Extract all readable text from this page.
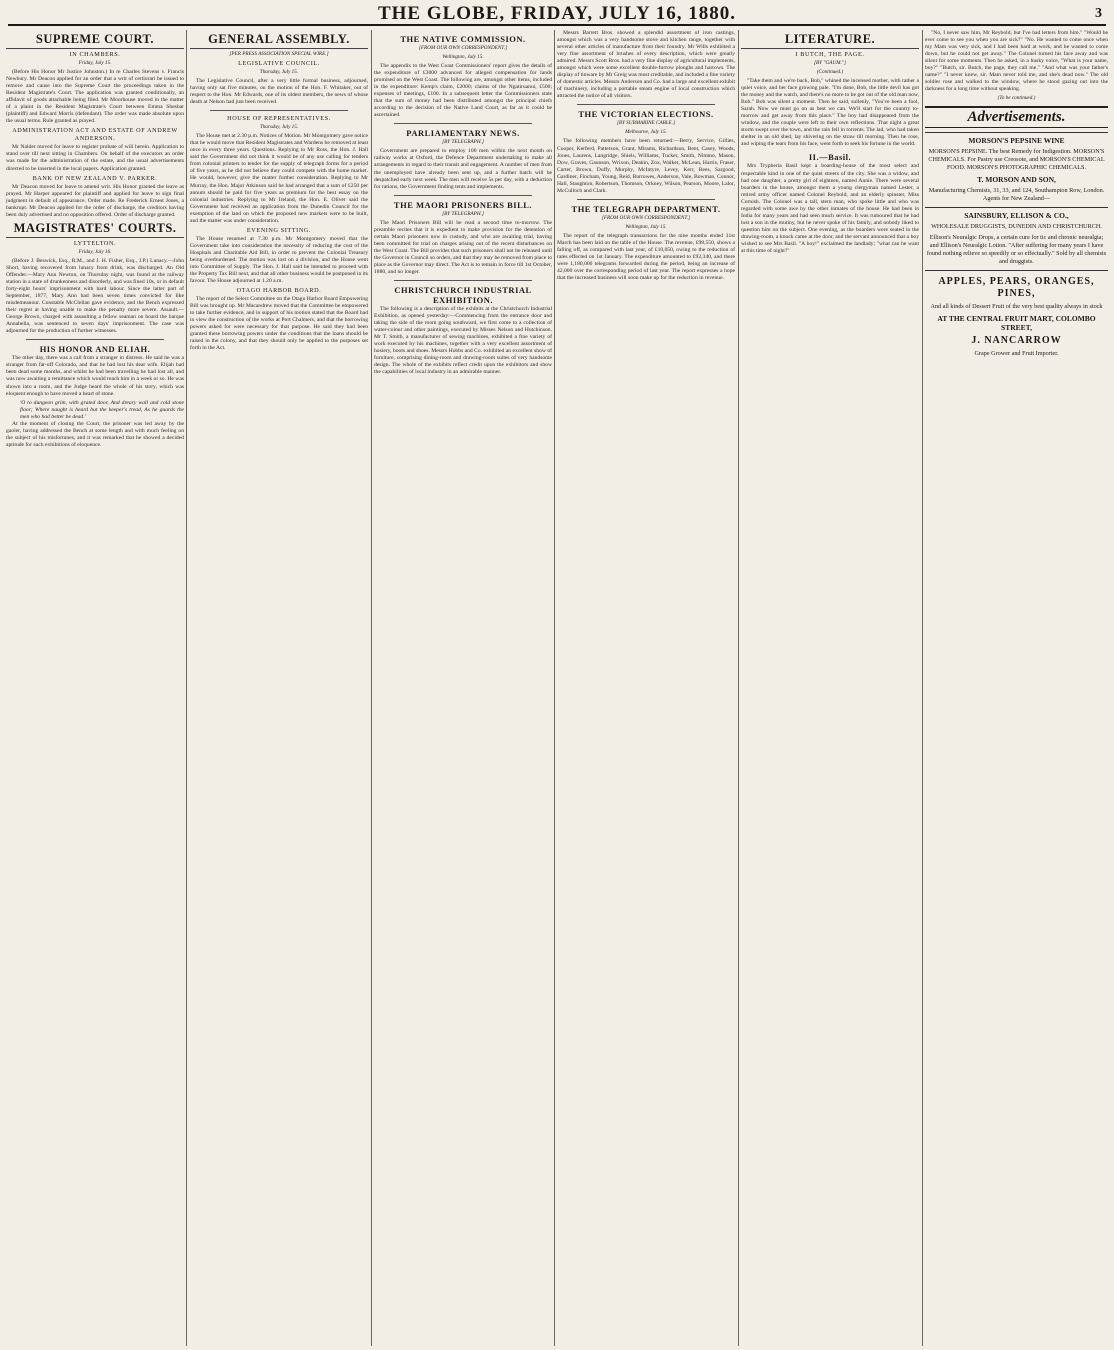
THE GLOBE, FRIDAY, JULY 16, 1880.	3
SUPREME COURT.
IN CHAMBERS.
Friday, July 15.
(Before His Honor Mr Justice Johnston.) In re Charles Stevens v. Francis Newbury. Mr Deacon applied for an order that a writ of certiorari be issued to remove and cause into the Supreme Court the proceedings taken in the Resident Magistrate's Court. The application was granted conditionally, an affidavit of goods attachable being filed. Mr Moorhouse moved in the matter of a plaint in the Resident Magistrate's Court between Emma Shesbar (plaintiff) and Edward Morris (defendant). The order was made absolute upon the usual terms. Rule granted as prayed.
ADMINISTRATION ACT AND ESTATE OF ANDREW ANDERSON.
Mr Nalder moved for leave to register probate of will herein. Application to stand over till next sitting in Chambers. On behalf of the executors an order was made for the administration of the estate, and the usual advertisements directed to be inserted in the local papers. Application granted.
BANK OF NEW ZEALAND V. PARKER.
Mr Deacon moved for leave to amend writ. His Honor granted the leave as prayed. Mr Harper appeared for plaintiff and applied for leave to sign final judgment in default of appearance. Order made. Re Frederick Ernest Jones, a bankrupt. Mr Deacon applied for the order of discharge, the creditors having been duly advertised and no opposition offered. Order of discharge granted.
MAGISTRATES' COURTS.
LYTTELTON.
Friday, July 16.
(Before J. Beswick, Esq., R.M., and J. H. Fisher, Esq., J.P.) Lunacy.—John Short, having recovered from lunacy from drink, was discharged. An Old Offender.—Mary Ann Newton, on Thursday night, was found at the railway station in a state of drunkenness and disorderly, and was fined 10s, or in default forty-eight hours' imprisonment with hard labour. Since the latter part of September, 1877, Mary Ann had been seven times convicted for like misdemeanour. Constable McClellan gave evidence, and the Bench expressed their regret at having unable to make the penalty more severe. Assault.—George Brown, charged with assaulting a fellow seaman on board the barque Annabella, was sentenced to seven days' imprisonment. The case was adjourned for the production of further witnesses.
HIS HONOR AND ELIAH.
The other day, there was a call from a stranger in distress. He said he was a stranger from far-off Colorado, and that he had lost his dear wife. Elijah had been dead some months, and whilst he had been travelling he had lost all, and was now awaiting a remittance which would reach him in a week or so. He was shown into a room, and the Judge heard the whole of his story, which was eloquent enough to have moved a heart of stone.
'O to dungeon grim, with grated door, And dreary wall and cold stone floor; Where naught is heard but the keeper's tread, As he guards the men who had better be dead.'
At the moment of closing the Court, the prisoner was led away by the gaoler, having addressed the Bench at some length and with much feeling on the subject of his misfortunes, and it was remarked that he showed a decided aptitude for such exhibitions of eloquence.
GENERAL ASSEMBLY.
[PER PRESS ASSOCIATION SPECIAL WIRE.]
LEGISLATIVE COUNCIL.
Thursday, July 15.
The Legislative Council, after a very little formal business, adjourned, having only sat five minutes, on the motion of the Hon. F. Whitaker, out of respect to the Hon. Mr Edwards, one of its oldest members, the news of whose death at Nelson had just been received.
HOUSE OF REPRESENTATIVES.
Thursday, July 15.
The House met at 2.30 p.m. Notices of Motion. Mr Montgomery gave notice that he would move that Resident Magistrates and Wardens be removed at least once in every three years. Questions. Replying to Mr Ross, the Hon. J. Hall said the Government did not think it would be of any use calling for tenders from colonial printers to tender for the supply of telegraph forms for a period of five years, as he did not believe they could compete with the home market. He would, however, give the matter further consideration. Replying to Mr Murray, the Hon. Major Atkinson said he had arranged that a sum of £250 per annum should be paid for five years as premium for the best essay on the colonial industries. Replying to Mr Ireland, the Hon. E. Oliver said the Government had received an application from the Dunedin Council for the exemption of the land on which the proposed new markets were to be built, and the matter was under consideration.
EVENING SITTING.
The House resumed at 7.30 p.m. Mr Montgomery moved that the Government take into consideration the necessity of reducing the cost of the Hospitals and Charitable Aid Bill, in order to prevent the Colonial Treasury being overburdened. The motion was lost on a division, and the House went into Committee of Supply. The Hon. J. Hall said he intended to proceed with the Property Tax Bill next, and that all other business would be postponed in its favour. The House adjourned at 1.20 a.m.
OTAGO HARBOR BOARD.
The report of the Select Committee on the Otago Harbor Board Empowering Bill was brought up. Mr Macandrew moved that the Committee be empowered to take further evidence, and in support of his motion stated that the Board had in view the construction of the works at Port Chalmers, and that the borrowing powers asked for were necessary for that purpose. He said they had been granted these borrowing powers under the conditions that the loans should be raised in the colony, and that they should only be applied to the purposes set forth in the Act.
THE NATIVE COMMISSION.
[FROM OUR OWN CORRESPONDENT.]
Wellington, July 15.
The appendix to the West Coast Commissioners' report gives the details of the expenditure of £3000 advanced for alleged compensation for lands promised on the West Coast. The following are, amongst other items, included in the expenditure: Kemp's claim, £2000; claims of the Ngatiruanui, £500; expenses of meetings, £100. In a subsequent letter the Commissioners state that the sum of money had been distributed amongst the principal chiefs according to the decision of the Native Land Court, as far as it could be ascertained.
PARLIAMENTARY NEWS.
[BY TELEGRAPH.]
Government are prepared to employ 100 men within the next month on railway works at Oxford, the Defence Department undertaking to make all arrangements in regard to their transit and engagement. A number of men from the unemployed have already been sent up, and a further batch will be despatched early next week. The men will receive 5s per day, with a deduction for rations, the Government finding tents and implements.
THE MAORI PRISONERS BILL.
[BY TELEGRAPH.]
The Maori Prisoners Bill will be read a second time to-morrow. The preamble recites that it is expedient to make provision for the detention of certain Maori prisoners now in custody, and who are awaiting trial, having been committed for trial on charges arising out of the recent disturbances on the West Coast. The Bill provides that such prisoners shall not be released until the Governor in Council so orders, and that they may be removed from place to place as the Governor may direct. The Act is to remain in force till 1st October, 1880, and no longer.
CHRISTCHURCH INDUSTRIAL EXHIBITION.
The following is a description of the exhibits at the Christchurch Industrial Exhibition, as opened yesterday:—Commencing from the entrance door and taking the side of the room going southward, we first come to a collection of water-colour and other paintings, executed by Misses Nelson and Hutchinson. Mr T. Smith, a manufacturer of sewing machines, exhibited a fine variety of work executed by his machines, together with a very excellent assortment of hosiery, boots and shoes. Messrs Hobbs and Co. exhibited an excellent show of furniture, comprising dining-room and drawing-room suites of very handsome design. The whole of the exhibits reflect credit upon the exhibitors and show the capabilities of local industry in an admirable manner.
Messrs Barrett Bros. showed a splendid assortment of iron castings, amongst which was a very handsome stove and kitchen range, together with several other articles of manufacture from their foundry. Mr Wills exhibited a very fine assortment of brushes of every description, which were greatly admired. Messrs Scott Bros. had a very fine display of agricultural implements, amongst which were some excellent double-furrow ploughs and harrows. The display of tinware by Mr Greig was most creditable, and included a fine variety of domestic articles. Messrs Anderson and Co. had a large and excellent exhibit of machinery, including a portable steam engine of local construction which attracted the notice of all visitors.
THE VICTORIAN ELECTIONS.
[BY SUBMARINE CABLE.]
Melbourne, July 15.
The following members have been returned:—Berry, Service, Gillies, Cooper, Kerferd, Patterson, Grant, Mirams, Richardson, Bent, Casey, Woods, Jones, Laurens, Langridge, Shiels, Williams, Tucker, Smith, Nimmo, Mason, Dow, Graves, Gaunson, Wrixon, Deakin, Zox, Walker, McLean, Harris, Fraser, Carter, Brown, Duffy, Murphy, McIntyre, Levey, Kerr, Rees, Sargood, Gardiner, Fincham, Young, Reid, Burrowes, Anderson, Vale, Bowman, Connor, Hall, Staughton, Robertson, Thomson, Orkney, Wilson, Pearson, Moore, Lalor, McCulloch and Clark.
THE TELEGRAPH DEPARTMENT.
[FROM OUR OWN CORRESPONDENT.]
Wellington, July 15.
The report of the telegraph transactions for the nine months ended 31st March has been laid on the table of the House. The revenue, £98,550, shows a falling off, as compared with last year, of £10,050, owing to the reduction of rates effected on 1st January. The expenditure amounted to £92,340, and there were 1,180,000 telegrams forwarded during the period, being an increase of 42,000 over the corresponding period of last year. The report expresses a hope that the increased business will soon make up for the reduction in revenue.
LITERATURE.
I BUTCH, THE PAGE.
[BY "GAUM."]
(Continued.)
"Take them and we're back, Bob," whined the incensed mother, with rather a quiet voice, and her face growing pale. "I'm done, Bob, the little devil has got the money and the watch, and there's no more to be got out of the old man now, Bob." Bob was silent a moment. Then he said, sullenly, "You've been a fool, Sarah. Now we must go on as best we can. We'll start for the country to-morrow and get away from this place." The boy had disappeared from the window, and the couple were left to their own reflections. That night a great storm swept over the town, and the rain fell in torrents. The lad, who had taken shelter in an old shed, lay shivering on the straw till morning. Then he rose, and wiping the tears from his face, went forth to seek his fortune in the world.
II.—Basil.
Mrs Trypheria Basil kept a boarding-house of the most select and respectable kind in one of the quiet streets of the city. She was a widow, and had one daughter, a pretty girl of eighteen, named Annie. There were several boarders in the house, amongst them a young clergyman named Lester, a retired army officer named Colonel Reybold, and an elderly spinster, Miss Cornish. The Colonel was a tall, stern man, who spoke little and who was regarded with some awe by the other inmates of the house. He had been in India for many years and had seen much service. It was rumoured that he had lost a son in the mutiny, but he never spoke of his family, and nobody liked to question him on the subject. One evening, as the boarders were seated in the drawing-room, a knock came at the door, and the servant announced that a boy wished to see Mrs Basil. "A boy!" exclaimed the landlady; "what can he want at this time of night?"
"No, I never saw him, Mr Reybold, but I've had letters from him." "Would he ever come to see you when you are sick?" "No. He wanted to come once when my Mam was very sick, and I had been hard at work, and he wanted to come down, but he could not get away." The Colonel turned his face away and was silent for some moments. Then he asked, in a husky voice, "What is your name, boy?" "Butch, sir. Butch, the page, they call me." "And what was your father's name?" "I never knew, sir. Mam never told me, and she's dead now." The old soldier rose and walked to the window, where he stood gazing out into the darkness for a long time without speaking.
(To be continued.)
Advertisements.
MORSON'S PEPSINE WINE
MORSON'S PEPSINE. The best Remedy for Indigestion. MORSON'S CHEMICALS. For Pastry use Creosote, and MORSON'S CHEMICAL FOOD. MORSON'S PHOTOGRAPHIC CHEMICALS.
T. MORSON AND SON,
Manufacturing Chemists, 31, 33, and 124, Southampton Row, London. Agents for New Zealand—
SAINSBURY, ELLISON & CO.,
WHOLESALE DRUGGISTS, DUNEDIN AND CHRISTCHURCH.
Ellison's Neuralgic Drops, a certain cure for tic and chronic neuralgia; and Ellison's Neuralgic Lotion. "After suffering for many years I have found nothing relieve so speedily or so effectually." Sold by all chemists and druggists.
APPLES, PEARS, ORANGES, PINES,
And all kinds of Dessert Fruit of the very best quality always in stock
AT THE CENTRAL FRUIT MART, COLOMBO STREET,
J. NANCARROW
Grape Grower and Fruit Importer.
